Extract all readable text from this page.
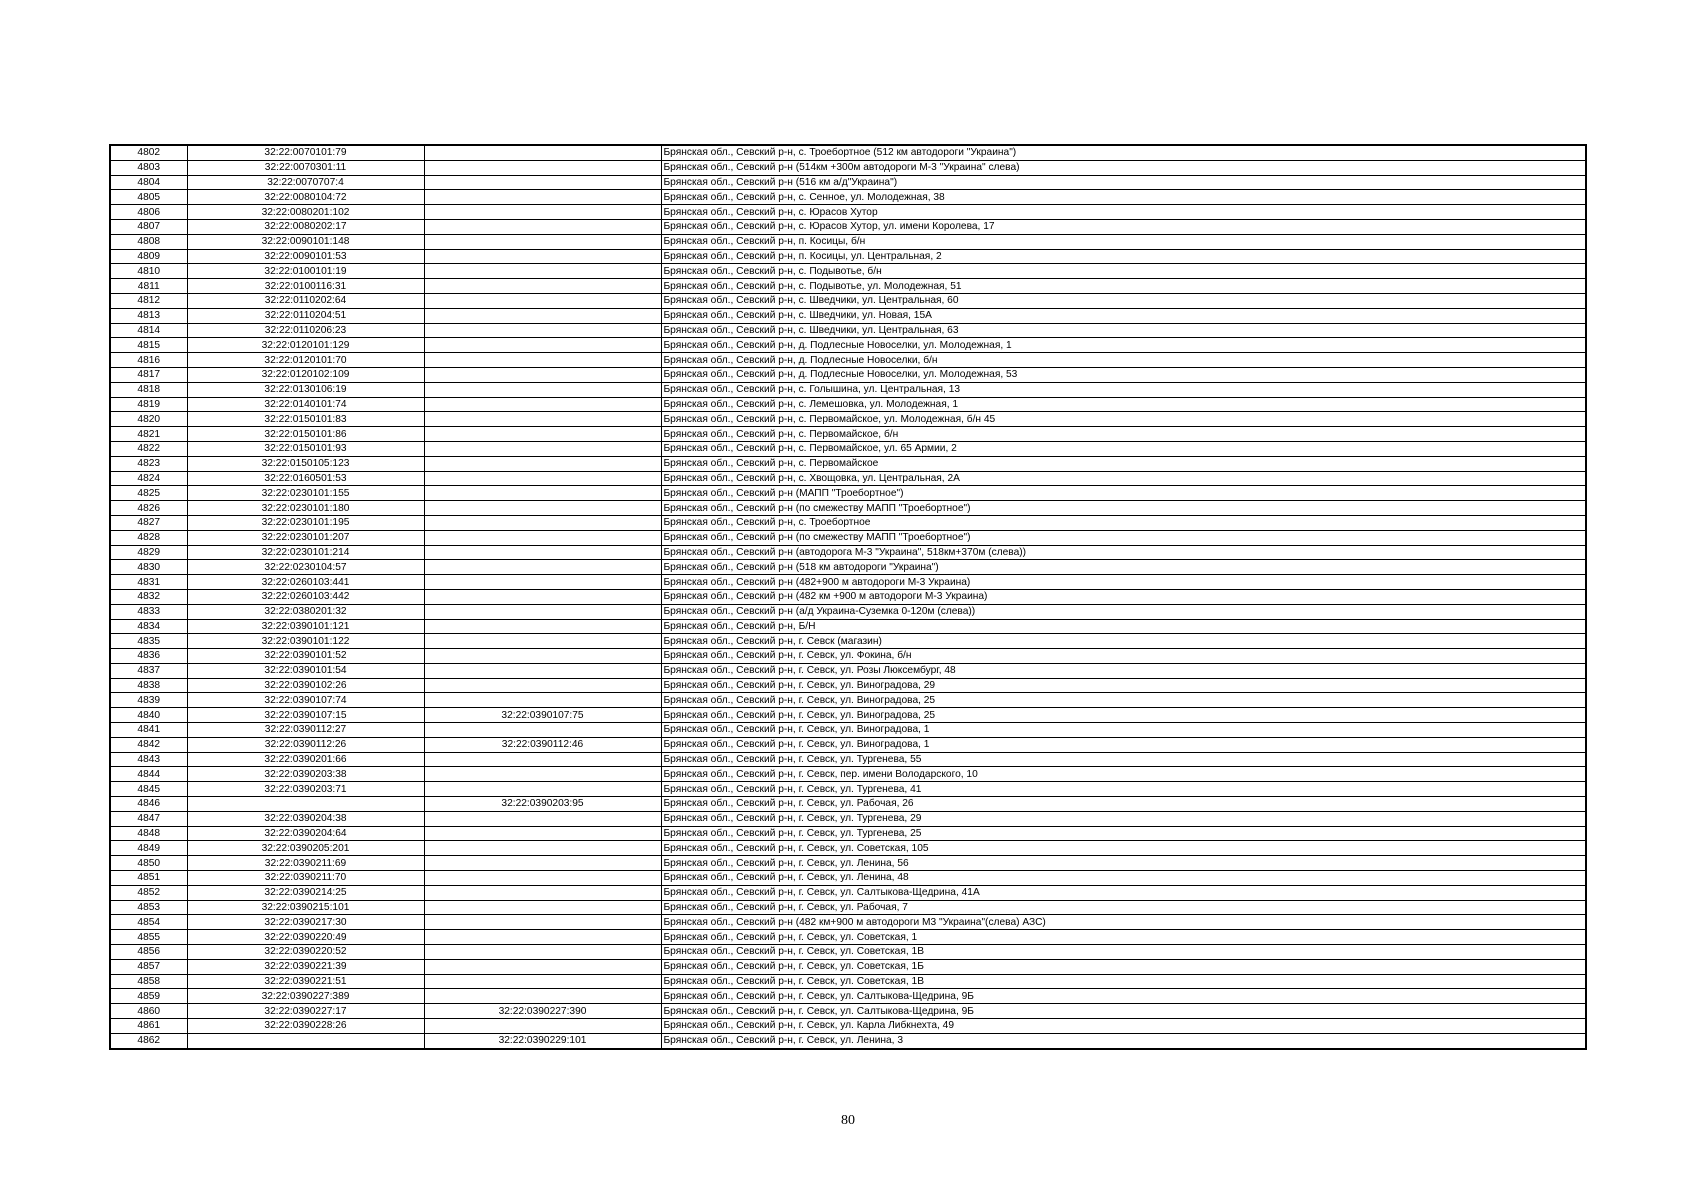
4802	32:22:0070101:79		Брянская обл., Севский р-н, с. Троебортное (512 км автодороги "Украина")
4803	32:22:0070301:11		Брянская обл., Севский р-н (514км +300м автодороги М-3 "Украина" слева)
4804	32:22:0070707:4		Брянская обл., Севский р-н (516 км а/д"Украина")
4805	32:22:0080104:72		Брянская обл., Севский р-н, с. Сенное, ул. Молодежная, 38
4806	32:22:0080201:102		Брянская обл., Севский р-н, с. Юрасов Хутор
4807	32:22:0080202:17		Брянская обл., Севский р-н, с. Юрасов Хутор, ул. имени Королева, 17
4808	32:22:0090101:148		Брянская обл., Севский р-н, п. Косицы, б/н
4809	32:22:0090101:53		Брянская обл., Севский р-н, п. Косицы, ул. Центральная, 2
4810	32:22:0100101:19		Брянская обл., Севский р-н, с. Подывотье, б/н
4811	32:22:0100116:31		Брянская обл., Севский р-н, с. Подывотье, ул. Молодежная, 51
4812	32:22:0110202:64		Брянская обл., Севский р-н, с. Шведчики, ул. Центральная, 60
4813	32:22:0110204:51		Брянская обл., Севский р-н, с. Шведчики, ул. Новая, 15А
4814	32:22:0110206:23		Брянская обл., Севский р-н, с. Шведчики, ул. Центральная, 63
4815	32:22:0120101:129		Брянская обл., Севский р-н, д. Подлесные Новоселки, ул. Молодежная, 1
4816	32:22:0120101:70		Брянская обл., Севский р-н, д. Подлесные Новоселки, б/н
4817	32:22:0120102:109		Брянская обл., Севский р-н, д. Подлесные Новоселки, ул. Молодежная, 53
4818	32:22:0130106:19		Брянская обл., Севский р-н, с. Голышина, ул. Центральная, 13
4819	32:22:0140101:74		Брянская обл., Севский р-н, с. Лемешовка, ул. Молодежная, 1
4820	32:22:0150101:83		Брянская обл., Севский р-н, с. Первомайское, ул. Молодежная, б/н 45
4821	32:22:0150101:86		Брянская обл., Севский р-н, с. Первомайское, б/н
4822	32:22:0150101:93		Брянская обл., Севский р-н, с. Первомайское, ул. 65 Армии, 2
4823	32:22:0150105:123		Брянская обл., Севский р-н, с. Первомайское
4824	32:22:0160501:53		Брянская обл., Севский р-н, с. Хвощовка, ул. Центральная, 2А
4825	32:22:0230101:155		Брянская обл., Севский р-н (МАПП "Троебортное")
4826	32:22:0230101:180		Брянская обл., Севский р-н (по смежеству МАПП "Троебортное")
4827	32:22:0230101:195		Брянская обл., Севский р-н, с. Троебортное
4828	32:22:0230101:207		Брянская обл., Севский р-н (по смежеству МАПП "Троебортное")
4829	32:22:0230101:214		Брянская обл., Севский р-н (автодорога М-3 "Украина", 518км+370м (слева))
4830	32:22:0230104:57		Брянская обл., Севский р-н (518 км автодороги "Украина")
4831	32:22:0260103:441		Брянская обл., Севский р-н (482+900 м автодороги М-3 Украина)
4832	32:22:0260103:442		Брянская обл., Севский р-н (482 км +900 м автодороги М-3 Украина)
4833	32:22:0380201:32		Брянская обл., Севский р-н (а/д Украина-Суземка 0-120м (слева))
4834	32:22:0390101:121		Брянская обл., Севский р-н, Б/Н
4835	32:22:0390101:122		Брянская обл., Севский р-н, г. Севск (магазин)
4836	32:22:0390101:52		Брянская обл., Севский р-н, г. Севск, ул. Фокина, б/н
4837	32:22:0390101:54		Брянская обл., Севский р-н, г. Севск, ул. Розы Люксембург, 48
4838	32:22:0390102:26		Брянская обл., Севский р-н, г. Севск, ул. Виноградова, 29
4839	32:22:0390107:74		Брянская обл., Севский р-н, г. Севск, ул. Виноградова, 25
4840	32:22:0390107:15	32:22:0390107:75	Брянская обл., Севский р-н, г. Севск, ул. Виноградова, 25
4841	32:22:0390112:27		Брянская обл., Севский р-н, г. Севск, ул. Виноградова, 1
4842	32:22:0390112:26	32:22:0390112:46	Брянская обл., Севский р-н, г. Севск, ул. Виноградова, 1
4843	32:22:0390201:66		Брянская обл., Севский р-н, г. Севск, ул. Тургенева, 55
4844	32:22:0390203:38		Брянская обл., Севский р-н, г. Севск, пер. имени Володарского, 10
4845	32:22:0390203:71		Брянская обл., Севский р-н, г. Севск, ул. Тургенева, 41
4846		32:22:0390203:95	Брянская обл., Севский р-н, г. Севск, ул. Рабочая, 26
4847	32:22:0390204:38		Брянская обл., Севский р-н, г. Севск, ул. Тургенева, 29
4848	32:22:0390204:64		Брянская обл., Севский р-н, г. Севск, ул. Тургенева, 25
4849	32:22:0390205:201		Брянская обл., Севский р-н, г. Севск, ул. Советская, 105
4850	32:22:0390211:69		Брянская обл., Севский р-н, г. Севск, ул. Ленина, 56
4851	32:22:0390211:70		Брянская обл., Севский р-н, г. Севск, ул. Ленина, 48
4852	32:22:0390214:25		Брянская обл., Севский р-н, г. Севск, ул. Салтыкова-Щедрина, 41А
4853	32:22:0390215:101		Брянская обл., Севский р-н, г. Севск, ул. Рабочая, 7
4854	32:22:0390217:30		Брянская обл., Севский р-н (482 км+900 м автодороги М3 "Украина"(слева) АЗС)
4855	32:22:0390220:49		Брянская обл., Севский р-н, г. Севск, ул. Советская, 1
4856	32:22:0390220:52		Брянская обл., Севский р-н, г. Севск, ул. Советская, 1В
4857	32:22:0390221:39		Брянская обл., Севский р-н, г. Севск, ул. Советская, 1Б
4858	32:22:0390221:51		Брянская обл., Севский р-н, г. Севск, ул. Советская, 1В
4859	32:22:0390227:389		Брянская обл., Севский р-н, г. Севск, ул. Салтыкова-Щедрина, 9Б
4860	32:22:0390227:17	32:22:0390227:390	Брянская обл., Севский р-н, г. Севск, ул. Салтыкова-Щедрина, 9Б
4861	32:22:0390228:26		Брянская обл., Севский р-н, г. Севск, ул. Карла Либкнехта, 49
4862		32:22:0390229:101	Брянская обл., Севский р-н, г. Севск, ул. Ленина, 3
80
